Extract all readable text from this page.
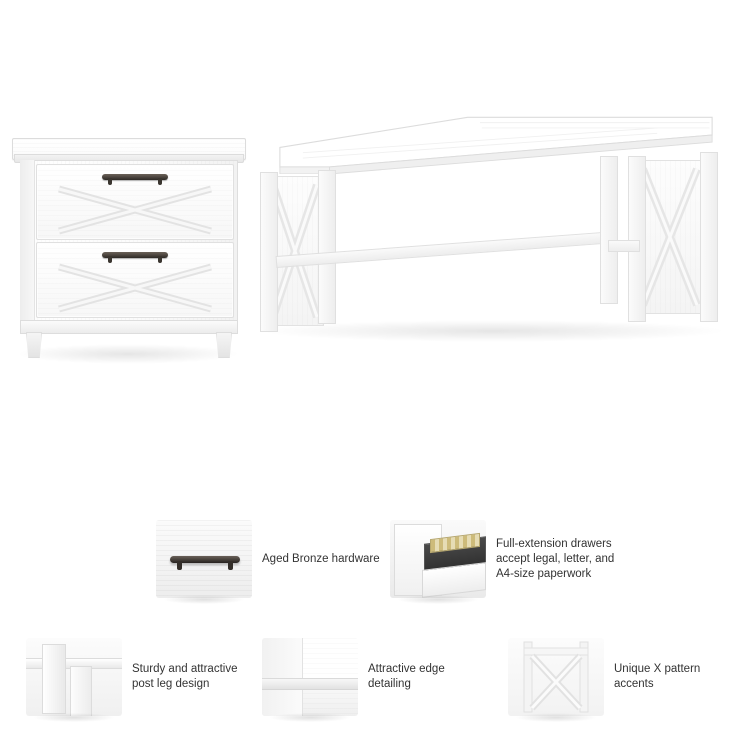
Aged Bronze hardware
Full-extension drawers accept legal, letter, and A4-size paperwork
Sturdy and attractive post leg design
Attractive edge detailing
Unique X pattern accents
